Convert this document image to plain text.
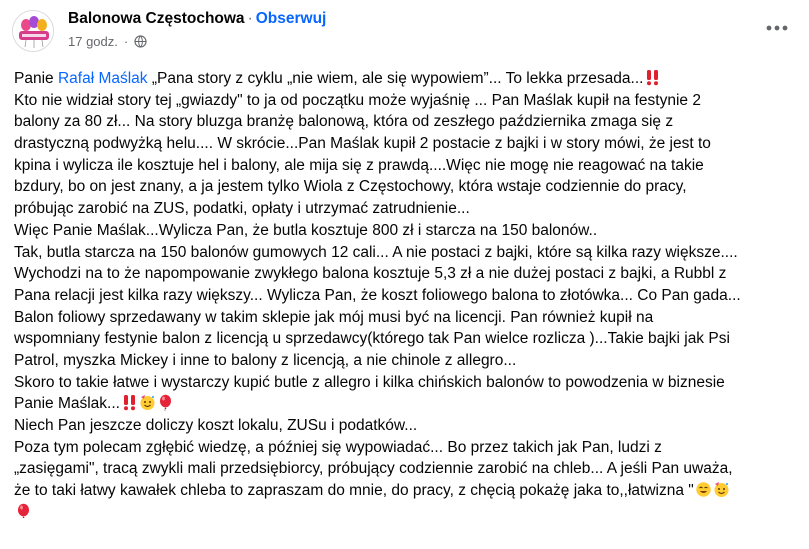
Balonowa Częstochowa · Obserwuj
17 godz. ·
Panie Rafał Maślak „Pana story z cyklu „nie wiem, ale się wypowiem”... To lekka przesada...
Kto nie widział story tej „gwiazdy" to ja od początku może wyjaśnię ... Pan Maślak kupił na festynie 2
balony za 80 zł... Na story bluzga branżę balonową, która od zeszłego października zmaga się z
drastyczną podwyżką helu.... W skrócie...Pan Maślak kupił 2 postacie z bajki i w story mówi, że jest to
kpina i wylicza ile kosztuje hel i balony, ale mija się z prawdą....Więc nie mogę nie reagować na takie
bzdury, bo on jest znany, a ja jestem tylko Wiola z Częstochowy, która wstaje codziennie do pracy,
próbując zarobić na ZUS, podatki, opłaty i utrzymać zatrudnienie...
Więc Panie Maślak...Wylicza Pan, że butla kosztuje 800 zł i starcza na 150 balonów..
Tak, butla starcza na 150 balonów gumowych 12 cali... A nie postaci z bajki, które są kilka razy większe....
Wychodzi na to że napompowanie zwykłego balona kosztuje 5,3 zł a nie dużej postaci z bajki, a Rubbl z
Pana relacji jest kilka razy większy... Wylicza Pan, że koszt foliowego balona to złotówka... Co Pan gada...
Balon foliowy sprzedawany w takim sklepie jak mój musi być na licencji. Pan również kupił na
wspomniany festynie balon z licencją u sprzedawcy(którego tak Pan wielce rozlicza )...Takie bajki jak Psi
Patrol, myszka Mickey i inne to balony z licencją, a nie chinole z allegro...
Skoro to takie łatwe i wystarczy kupić butle z allegro i kilka chińskich balonów to powodzenia w biznesie
Panie Maślak...
Niech Pan jeszcze doliczy koszt lokalu, ZUSu i podatków...
Poza tym polecam zgłębić wiedzę, a później się wypowiadać... Bo przez takich jak Pan, ludzi z
„zasięgami", tracą zwykli mali przedsiębiorcy, próbujący codziennie zarobić na chleb... A jeśli Pan uważa,
że to taki łatwy kawałek chleba to zapraszam do mnie, do pracy, z chęcią pokażę jaka to,,łatwizna "
